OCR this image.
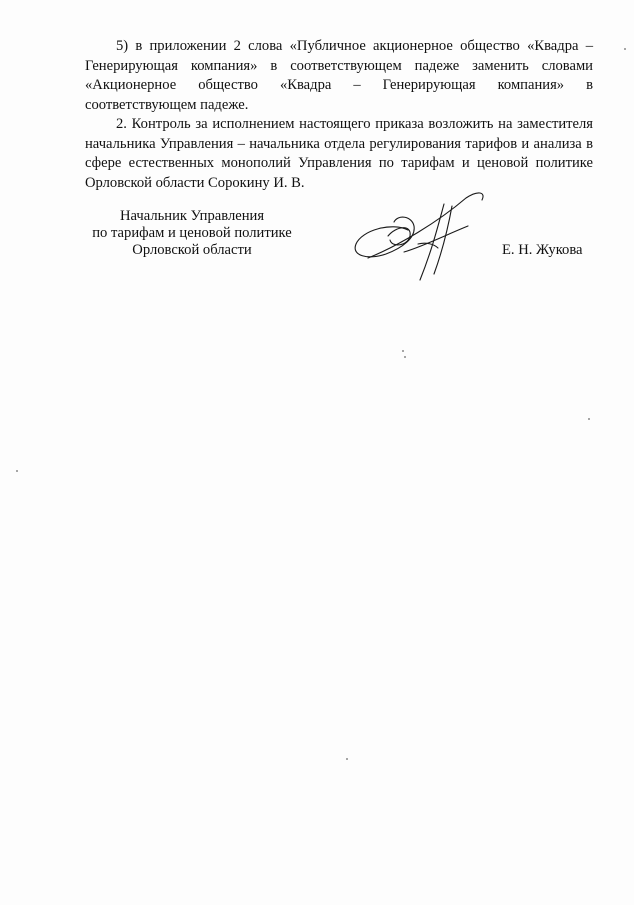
5) в приложении 2 слова «Публичное акционерное общество «Квадра – Генерирующая компания» в соответствующем падеже заменить словами «Акционерное общество «Квадра – Генерирующая компания» в соответствующем падеже.

2. Контроль за исполнением настоящего приказа возложить на заместителя начальника Управления – начальника отдела регулирования тарифов и анализа в сфере естественных монополий Управления по тарифам и ценовой политике Орловской области Сорокину И. В.

Начальник Управления
по тарифам и ценовой политике
Орловской области	Е. Н. Жукова
